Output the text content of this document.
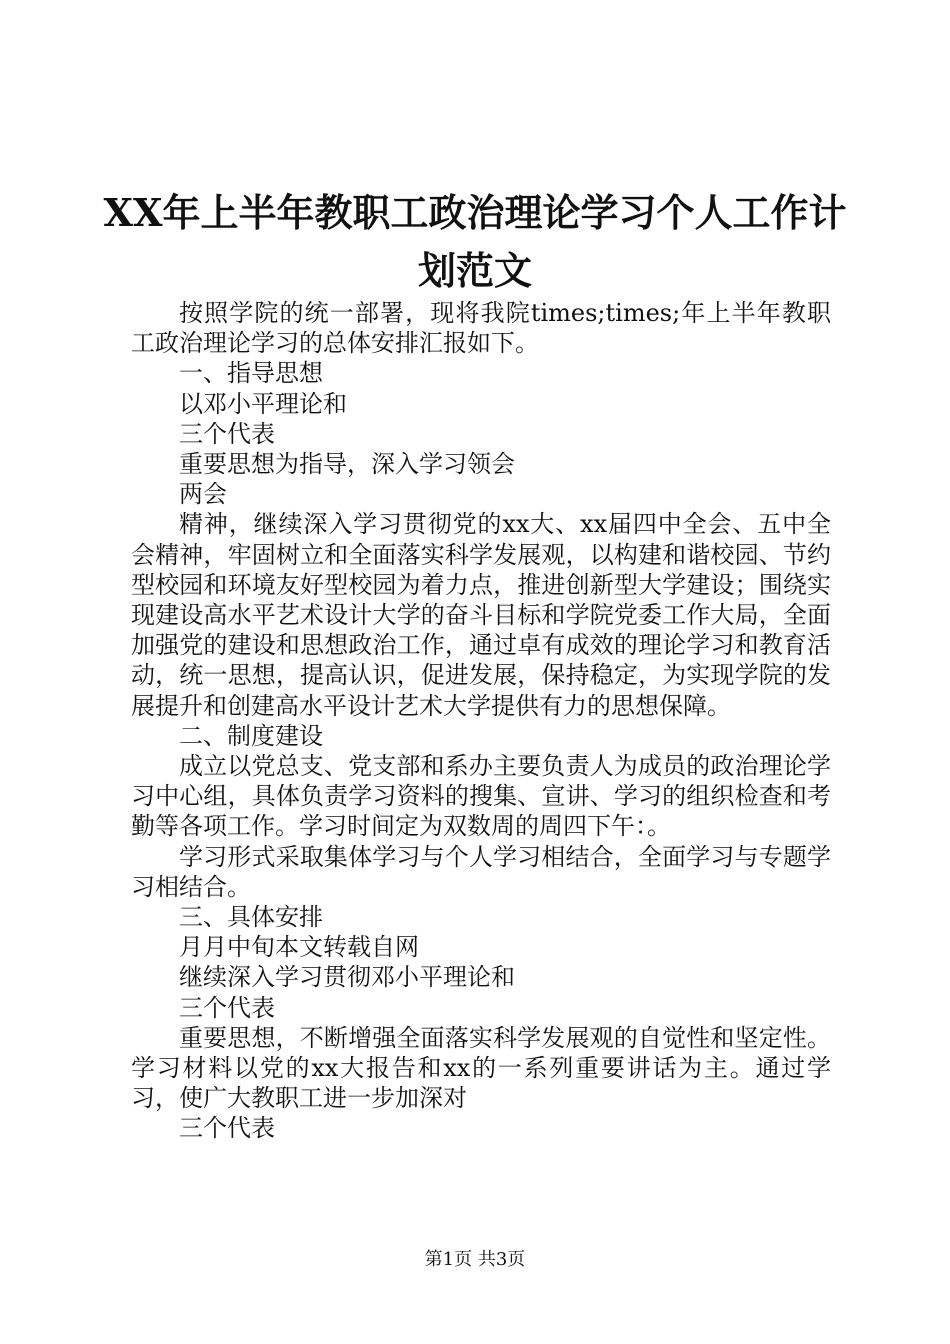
XX年上半年教职工政治理论学习个人工作计
划范文

按照学院的统一部署，现将我院times;times;年上半年教职工政治理论学习的总体安排汇报如下。

一、指导思想

以邓小平理论和

三个代表

重要思想为指导，深入学习领会

两会

精神，继续深入学习贯彻党的xx大、xx届四中全会、五中全会精神，牢固树立和全面落实科学发展观，以构建和谐校园、节约型校园和环境友好型校园为着力点，推进创新型大学建设；围绕实现建设高水平艺术设计大学的奋斗目标和学院党委工作大局，全面加强党的建设和思想政治工作，通过卓有成效的理论学习和教育活动，统一思想，提高认识，促进发展，保持稳定，为实现学院的发展提升和创建高水平设计艺术大学提供有力的思想保障。

二、制度建设

成立以党总支、党支部和系办主要负责人为成员的政治理论学习中心组，具体负责学习资料的搜集、宣讲、学习的组织检查和考勤等各项工作。学习时间定为双数周的周四下午：。

学习形式采取集体学习与个人学习相结合，全面学习与专题学习相结合。

三、具体安排

月月中旬本文转载自网

继续深入学习贯彻邓小平理论和

三个代表

重要思想，不断增强全面落实科学发展观的自觉性和坚定性。学习材料以党的xx大报告和xx的一系列重要讲话为主。通过学习，使广大教职工进一步加深对

三个代表

第1页 共3页
